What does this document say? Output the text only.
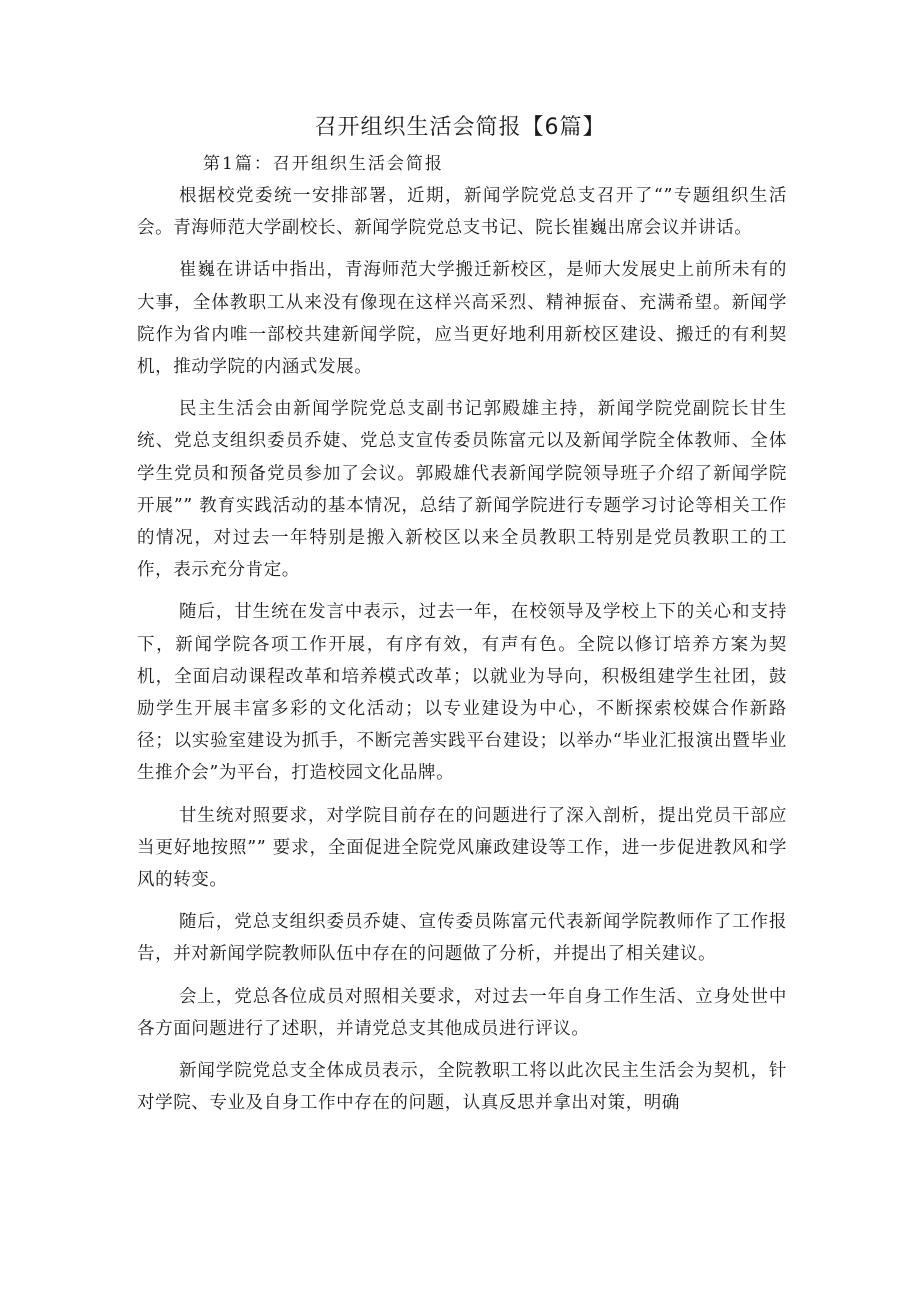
召开组织生活会简报【6篇】
第1篇：召开组织生活会简报

根据校党委统一安排部署，近期，新闻学院党总支召开了“”专题组织生活会。青海师范大学副校长、新闻学院党总支书记、院长崔巍出席会议并讲话。

崔巍在讲话中指出，青海师范大学搬迁新校区，是师大发展史上前所未有的大事，全体教职工从来没有像现在这样兴高采烈、精神振奋、充满希望。新闻学院作为省内唯一部校共建新闻学院，应当更好地利用新校区建设、搬迁的有利契机，推动学院的内涵式发展。

民主生活会由新闻学院党总支副书记郭殿雄主持，新闻学院党副院长甘生统、党总支组织委员乔婕、党总支宣传委员陈富元以及新闻学院全体教师、全体学生党员和预备党员参加了会议。郭殿雄代表新闻学院领导班子介绍了新闻学院开展”” 教育实践活动的基本情况，总结了新闻学院进行专题学习讨论等相关工作的情况，对过去一年特别是搬入新校区以来全员教职工特别是党员教职工的工作，表示充分肯定。

随后，甘生统在发言中表示，过去一年，在校领导及学校上下的关心和支持下，新闻学院各项工作开展，有序有效，有声有色。全院以修订培养方案为契机，全面启动课程改革和培养模式改革；以就业为导向，积极组建学生社团，鼓励学生开展丰富多彩的文化活动；以专业建设为中心，不断探索校媒合作新路径；以实验室建设为抓手，不断完善实践平台建设；以举办“毕业汇报演出暨毕业生推介会”为平台，打造校园文化品牌。

甘生统对照要求，对学院目前存在的问题进行了深入剖析，提出党员干部应当更好地按照”” 要求，全面促进全院党风廉政建设等工作，进一步促进教风和学风的转变。

随后，党总支组织委员乔婕、宣传委员陈富元代表新闻学院教师作了工作报告，并对新闻学院教师队伍中存在的问题做了分析，并提出了相关建议。

会上，党总各位成员对照相关要求，对过去一年自身工作生活、立身处世中各方面问题进行了述职，并请党总支其他成员进行评议。

新闻学院党总支全体成员表示，全院教职工将以此次民主生活会为契机，针对学院、专业及自身工作中存在的问题，认真反思并拿出对策，明确
